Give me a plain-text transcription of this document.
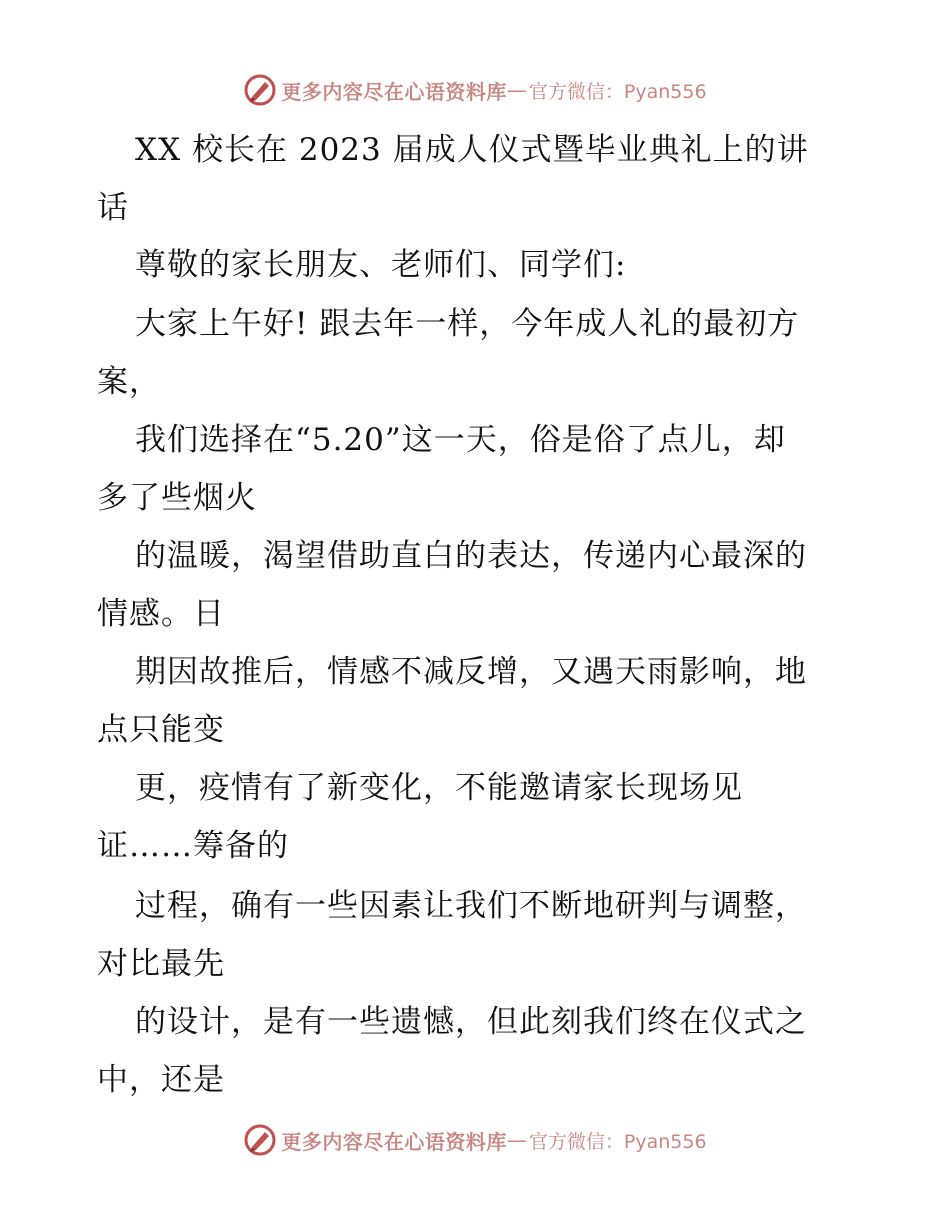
更多内容尽在心语资料库 — 官方微信：Pyan556
XX 校长在 2023 届成人仪式暨毕业典礼上的讲
话
尊敬的家长朋友、老师们、同学们:
大家上午好! 跟去年一样，今年成人礼的最初方
案，
我们选择在“5.20”这一天，俗是俗了点儿，却
多了些烟火
的温暖，渴望借助直白的表达，传递内心最深的
情感。日
期因故推后，情感不减反增，又遇天雨影响，地
点只能变
更，疫情有了新变化，不能邀请家长现场见
证……筹备的
过程，确有一些因素让我们不断地研判与调整，
对比最先
的设计，是有一些遗憾，但此刻我们终在仪式之
中，还是
更多内容尽在心语资料库 — 官方微信：Pyan556
